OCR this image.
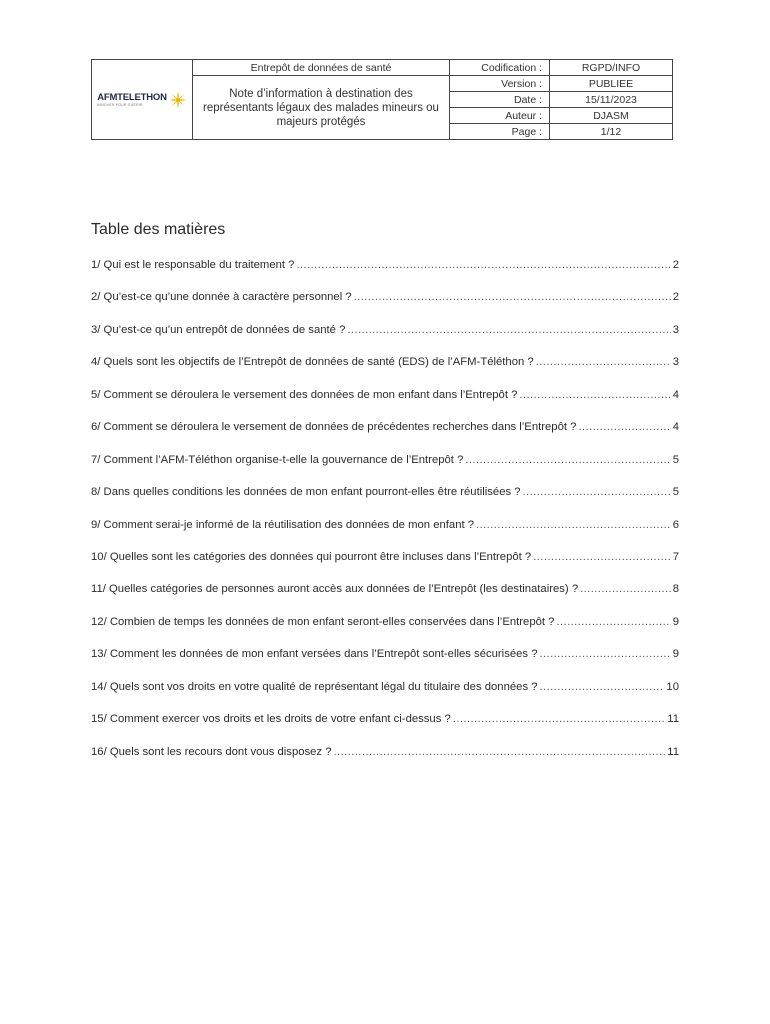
AFMTELETHON
INNOVER POUR GUÉRIR	Entrepôt de données de santé	Codification :	RGPD/INFO
	Note d’information à destination des représentants légaux des malades mineurs ou majeurs protégés	Version :	PUBLIEE
		Date :	15/11/2023
		Auteur :	DJASM
		Page :	1/12
Table des matières
1/ Qui est le responsable du traitement ? .....	2
2/ Qu’est-ce qu’une donnée à caractère personnel ? .....	2
3/ Qu’est-ce qu’un entrepôt de données de santé ? .....	3
4/ Quels sont les objectifs de l’Entrepôt de données de santé (EDS) de l’AFM-Téléthon ? .....	3
5/ Comment se déroulera le versement des données de mon enfant dans l’Entrepôt ? .....	4
6/ Comment se déroulera le versement de données de précédentes recherches dans l’Entrepôt ? .....	4
7/ Comment l’AFM-Téléthon organise-t-elle la gouvernance de l’Entrepôt ? .....	5
8/ Dans quelles conditions les données de mon enfant pourront-elles être réutilisées ? .....	5
9/ Comment serai-je informé de la réutilisation des données de mon enfant ? .....	6
10/ Quelles sont les catégories des données qui pourront être incluses dans l’Entrepôt ? .....	7
11/ Quelles catégories de personnes auront accès aux données de l’Entrepôt (les destinataires) ? .....	8
12/ Combien de temps les données de mon enfant seront-elles conservées dans l’Entrepôt ? .....	9
13/ Comment les données de mon enfant versées dans l’Entrepôt sont-elles sécurisées ? .....	9
14/ Quels sont vos droits en votre qualité de représentant légal du titulaire des données ? .....	10
15/ Comment exercer vos droits et les droits de votre enfant ci-dessus ? .....	11
16/ Quels sont les recours dont vous disposez ? .....	11
